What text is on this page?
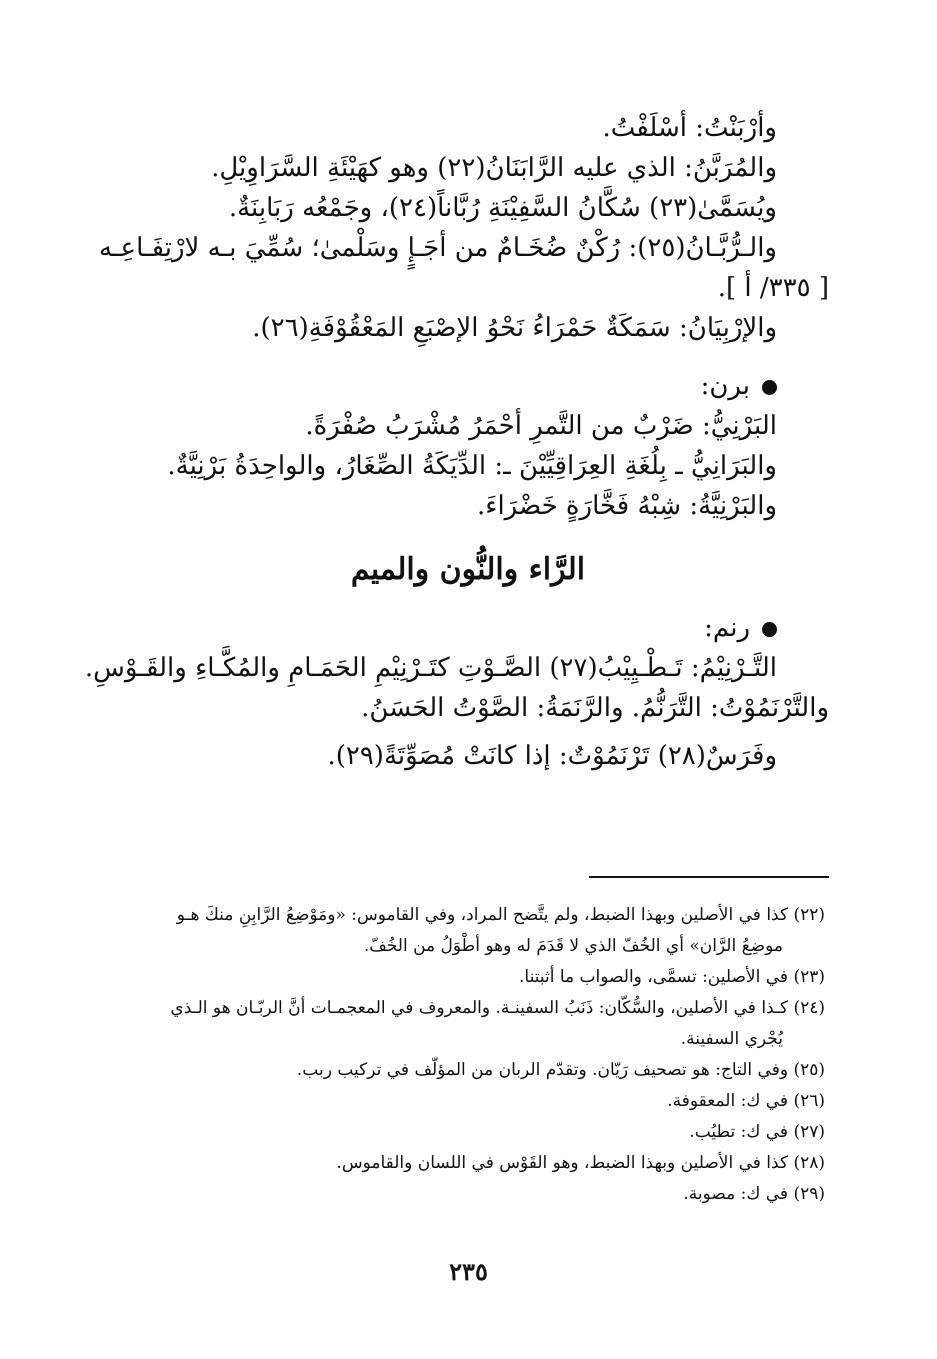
وأرْبَنْتُ: أسْلَفْتُ.
والمُرَبَّنُ: الذي عليه الرَّابَنَانُ(٢٢) وهو كهَيْئَةِ السَّرَاوِيْلِ.
ويُسَمَّىٰ(٢٣) سُكَّانُ السَّفِيْنَةِ رُبَّاناً(٢٤)، وجَمْعُه رَبَابِنَةٌ.
والـرُّبَّـانُ(٢٥): رُكْنٌ ضُخَـامٌ من أجَـإٍ وسَلْمىٰ؛ سُمِّيَ بـه لارْتِفَـاعِـه
[ ٣٣٥/ أ ].
والإرْبِيَانُ: سَمَكَةٌ حَمْرَاءُ نَحْوُ الإصْبَعِ المَعْقُوْفَةِ(٢٦).
برن:
البَرْنِيُّ: ضَرْبٌ من التَّمرِ أحْمَرُ مُشْرَبُ صُفْرَةً.
والبَرَانِيُّ ـ بِلُغَةِ العِرَاقِيِّيْنَ ـ: الدِّيَكَةُ الصِّغَارُ، والواحِدَةُ بَرْنِيَّةٌ.
والبَرْنِيَّةُ: شِبْهُ فَخَّارَةٍ خَضْرَاءَ.
الرَّاء والنُّون والميم
رنم:
التَّـرْنِيْمُ: تَـطْـيِيْبُ(٢٧) الصَّـوْتِ كتَـرْنِيْمِ الحَمَـامِ والمُكَّـاءِ والقَـوْسِ.
والتَّرْنَمُوْتُ: التَّرَنُّمُ. والرَّنَمَةُ: الصَّوْتُ الحَسَنُ.
وفَرَسٌ(٢٨) تَرْنَمُوْتٌ: إذا كانَتْ مُصَوِّتَةً(٢٩).
(٢٢) كذا في الأصلين وبهذا الضبط، ولم يتَّضح المراد، وفي القاموس: «ومَوْضِعُ الرَّابِنِ منكَ هـو
موضِعُ الرَّان» أي الخُفّ الذي لا قَدَمَ له وهو أطْوَلُ من الخُفّ.
(٢٣) في الأصلين: تسمَّى، والصواب ما أثبتنا.
(٢٤) كـذا في الأصلين، والسُّكّان: ذَنَبُ السفينـة. والمعروف في المعجمـات أنَّ الربّـان هو الـذي
يُجْري السفينة.
(٢٥) وفي التاج: هو تصحيف رَيّان. وتقدّم الربان من المؤلّف في تركيب ربب.
(٢٦) في ك: المعقوفة.
(٢٧) في ك: تطيُب.
(٢٨) كذا في الأصلين وبهذا الضبط، وهو القَوْس في اللسان والقاموس.
(٢٩) في ك: مصوبة.
٢٣٥
